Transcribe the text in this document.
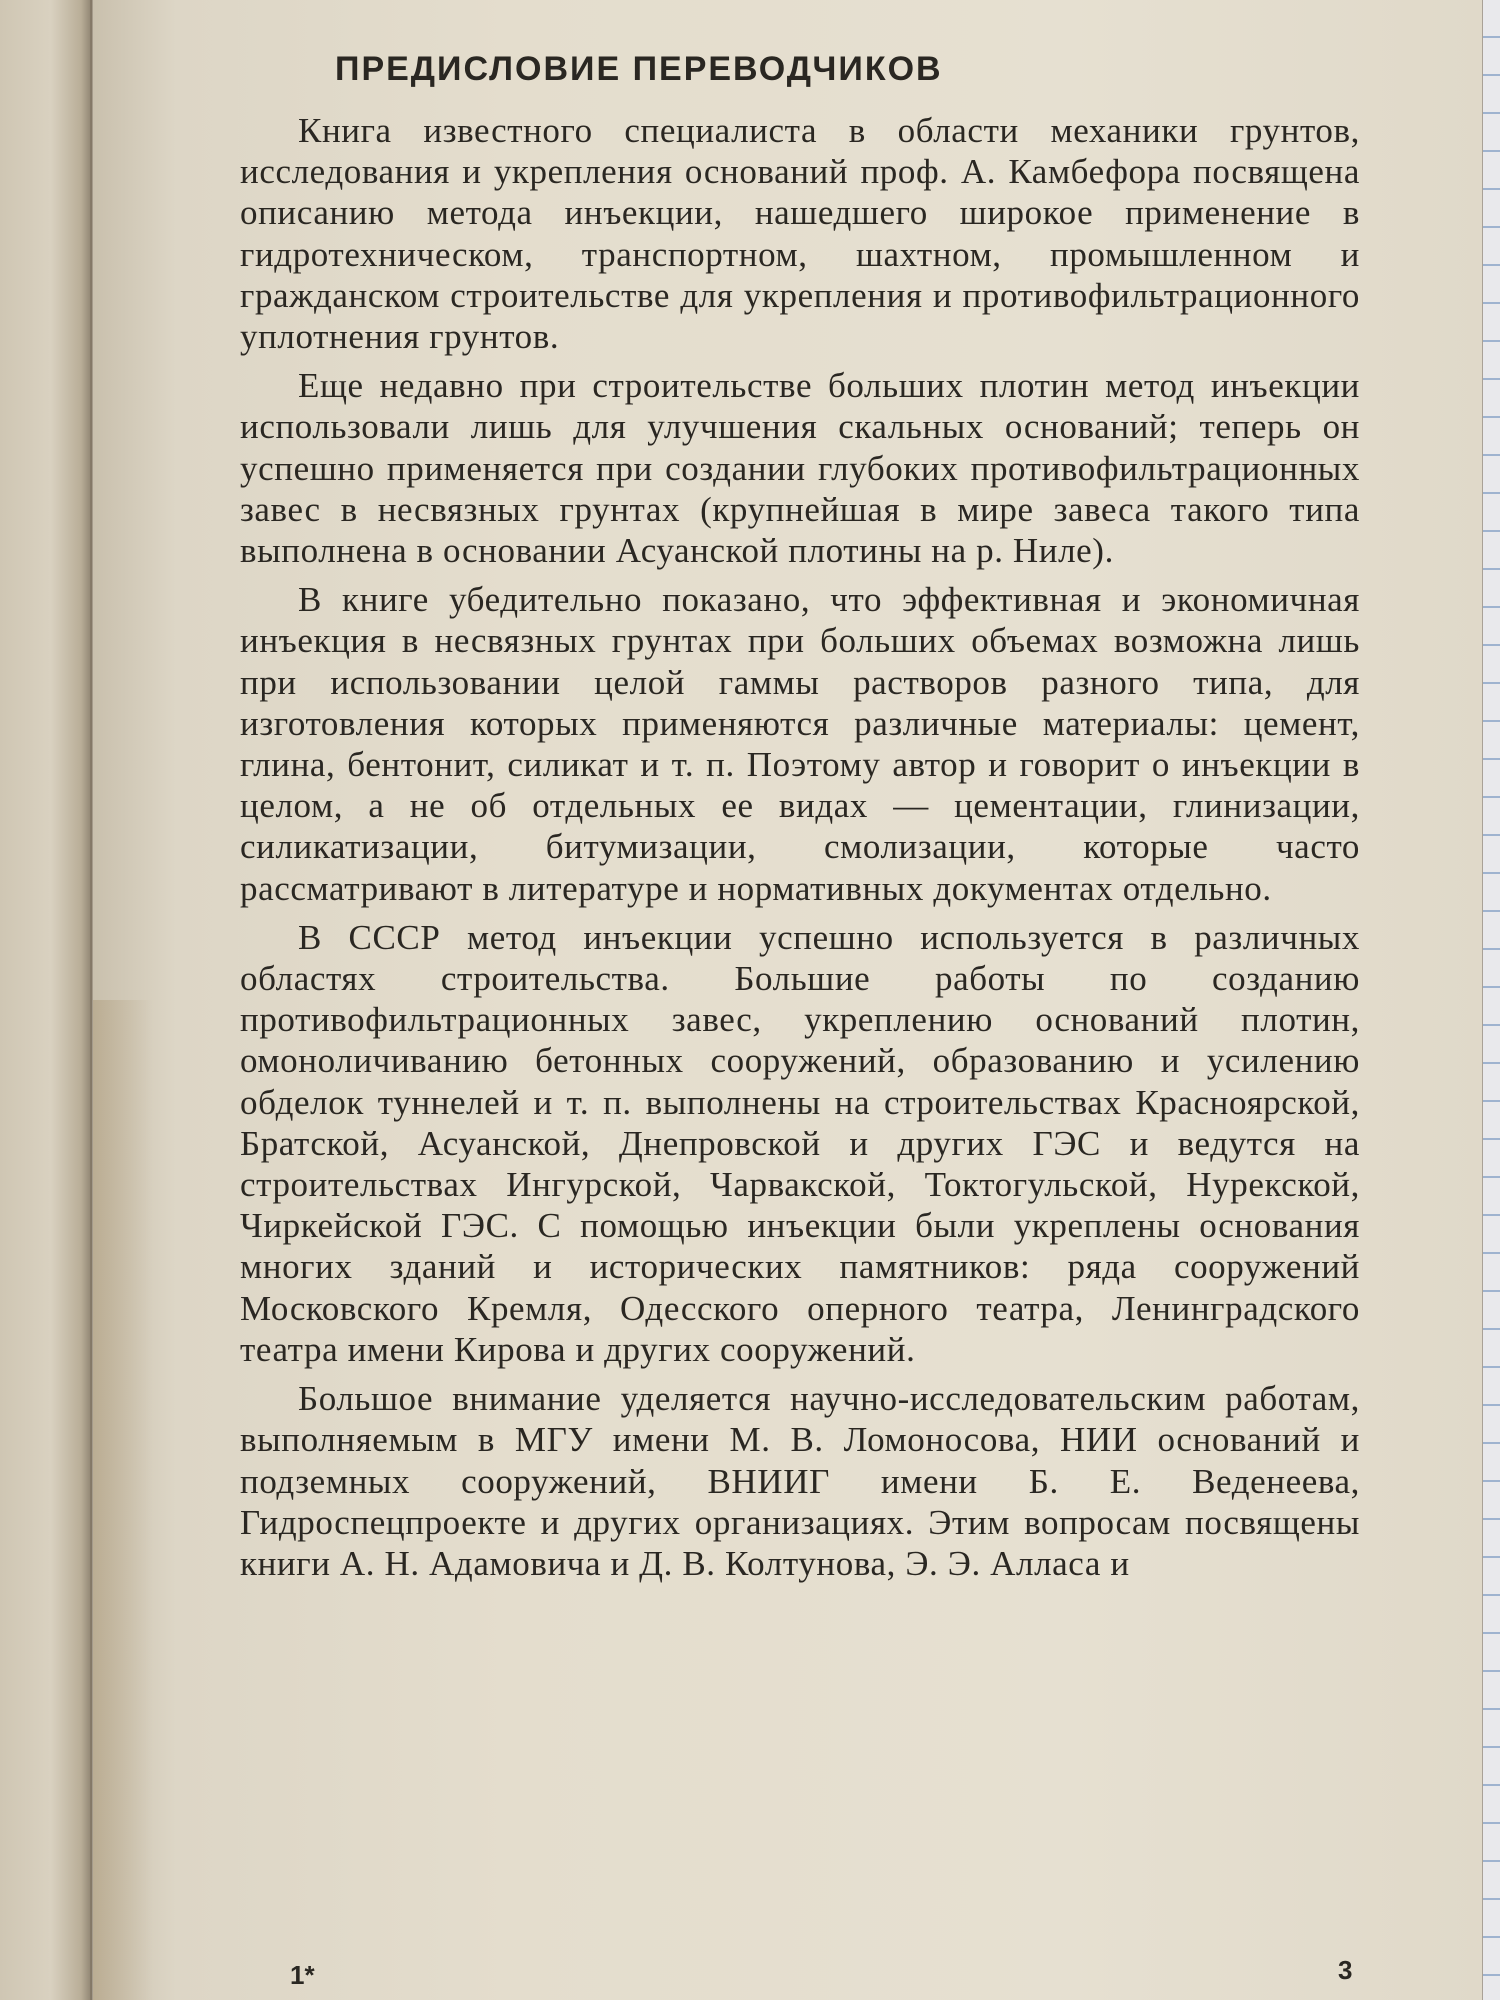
ПРЕДИСЛОВИЕ ПЕРЕВОДЧИКОВ

Книга известного специалиста в области механики грунтов, исследования и укрепления оснований проф. А. Камбефора посвящена описанию метода инъекции, нашедшего широкое применение в гидротехническом, транспортном, шахтном, промышленном и гражданском строительстве для укрепления и противофильтрационного уплотнения грунтов.

Еще недавно при строительстве больших плотин метод инъекции использовали лишь для улучшения скальных оснований; теперь он успешно применяется при создании глубоких противофильтрационных завес в несвязных грунтах (крупнейшая в мире завеса такого типа выполнена в основании Асуанской плотины на р. Ниле).

В книге убедительно показано, что эффективная и экономичная инъекция в несвязных грунтах при больших объемах возможна лишь при использовании целой гаммы растворов разного типа, для изготовления которых применяются различные материалы: цемент, глина, бентонит, силикат и т. п. Поэтому автор и говорит о инъекции в целом, а не об отдельных ее видах — цементации, глинизации, силикатизации, битумизации, смолизации, которые часто рассматривают в литературе и нормативных документах отдельно.

В СССР метод инъекции успешно используется в различных областях строительства. Большие работы по созданию противофильтрационных завес, укреплению оснований плотин, омоноличиванию бетонных сооружений, образованию и усилению обделок туннелей и т. п. выполнены на строительствах Красноярской, Братской, Асуанской, Днепровской и других ГЭС и ведутся на строительствах Ингурской, Чарвакской, Токтогульской, Нурекской, Чиркейской ГЭС. С помощью инъекции были укреплены основания многих зданий и исторических памятников: ряда сооружений Московского Кремля, Одесского оперного театра, Ленинградского театра имени Кирова и других сооружений.

Большое внимание уделяется научно-исследовательским работам, выполняемым в МГУ имени М. В. Ломоносова, НИИ оснований и подземных сооружений, ВНИИГ имени Б. Е. Веденеева, Гидроспецпроекте и других организациях. Этим вопросам посвящены книги А. Н. Адамовича и Д. В. Колтунова, Э. Э. Алласа и

1*	3
